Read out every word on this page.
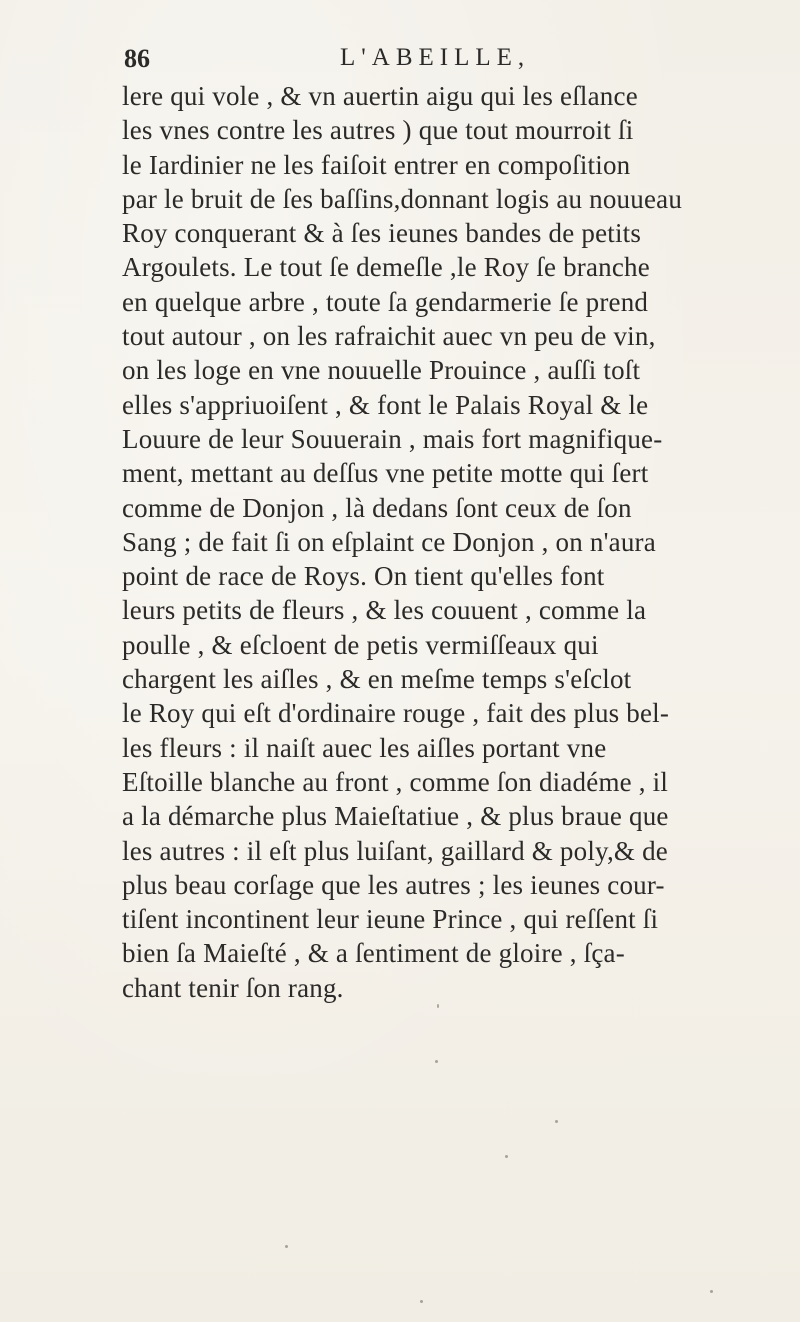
86	L'ABEILLE,
lere qui vole , & vn auertin aigu qui les eſlance
les vnes contre les autres ) que tout mourroit ſi
le Iardinier ne les faiſoit entrer en compoſition
par le bruit de ſes baſſins,donnant logis au nouueau
Roy conquerant & à ſes ieunes bandes de petits
Argoulets. Le tout ſe demeſle ,le Roy ſe branche
en quelque arbre , toute ſa gendarmerie ſe prend
tout autour , on les rafraichit auec vn peu de vin,
on les loge en vne nouuelle Prouince , auſſi toſt
elles s'appriuoiſent , & font le Palais Royal & le
Louure de leur Souuerain , mais fort magnifique-
ment, mettant au deſſus vne petite motte qui ſert
comme de Donjon , là dedans ſont ceux de ſon
Sang ; de fait ſi on eſplaint ce Donjon , on n'aura
point de race de Roys. On tient qu'elles font
leurs petits de fleurs , & les couuent , comme la
poulle , & eſcloent de petis vermiſſeaux qui
chargent les aiſles , & en meſme temps s'eſclot
le Roy qui eſt d'ordinaire rouge , fait des plus bel-
les fleurs : il naiſt auec les aiſles portant vne
Eſtoille blanche au front , comme ſon diadéme , il
a la démarche plus Maieſtatiue , & plus braue que
les autres : il eſt plus luiſant, gaillard & poly,& de
plus beau corſage que les autres ; les ieunes cour-
tiſent incontinent leur ieune Prince , qui reſſent ſi
bien ſa Maieſté , & a ſentiment de gloire , ſça-
chant tenir ſon rang.
